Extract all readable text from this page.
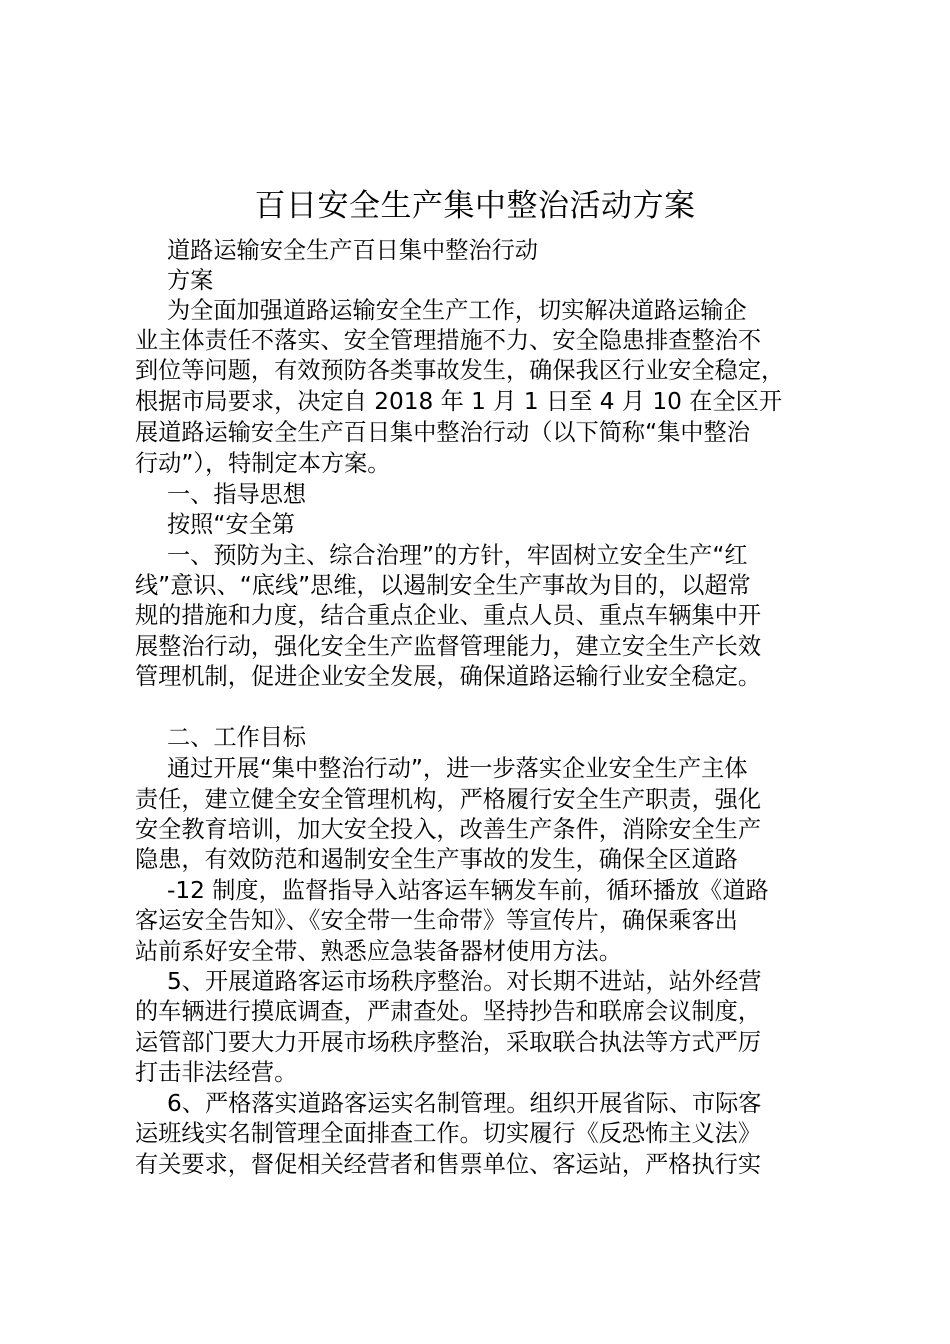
百日安全生产集中整治活动方案
道路运输安全生产百日集中整治行动
方案
为全面加强道路运输安全生产工作，切实解决道路运输企
业主体责任不落实、安全管理措施不力、安全隐患排查整治不
到位等问题，有效预防各类事故发生，确保我区行业安全稳定，
根据市局要求，决定自 2018 年 1 月 1 日至 4 月 10 在全区开
展道路运输安全生产百日集中整治行动（以下简称“集中整治
行动”），特制定本方案。
一、指导思想
按照“安全第
一、预防为主、综合治理”的方针，牢固树立安全生产“红
线”意识、“底线”思维，以遏制安全生产事故为目的，以超常
规的措施和力度，结合重点企业、重点人员、重点车辆集中开
展整治行动，强化安全生产监督管理能力，建立安全生产长效
管理机制，促进企业安全发展，确保道路运输行业安全稳定。
二、工作目标
通过开展“集中整治行动”，进一步落实企业安全生产主体
责任，建立健全安全管理机构，严格履行安全生产职责，强化
安全教育培训，加大安全投入，改善生产条件，消除安全生产
隐患，有效防范和遏制安全生产事故的发生，确保全区道路
-12 制度，监督指导入站客运车辆发车前，循环播放《道路
客运安全告知》、《安全带一生命带》等宣传片，确保乘客出
站前系好安全带、熟悉应急装备器材使用方法。
5、开展道路客运市场秩序整治。对长期不进站，站外经营
的车辆进行摸底调查，严肃查处。坚持抄告和联席会议制度，
运管部门要大力开展市场秩序整治，采取联合执法等方式严厉
打击非法经营。
6、严格落实道路客运实名制管理。组织开展省际、市际客
运班线实名制管理全面排查工作。切实履行《反恐怖主义法》
有关要求，督促相关经营者和售票单位、客运站，严格执行实
